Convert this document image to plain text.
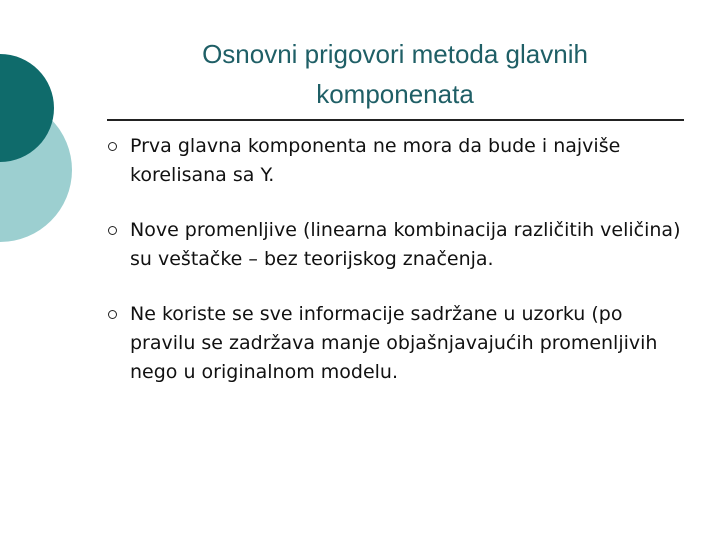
Osnovni prigovori metoda glavnih
komponenata
Prva glavna komponenta ne mora da bude i najviše korelisana sa Y.
Nove promenljive (linearna kombinacija različitih veličina) su veštačke – bez teorijskog značenja.
Ne koriste se sve informacije sadržane u uzorku (po pravilu se zadržava manje objašnjavajućih promenljivih nego u originalnom modelu.
